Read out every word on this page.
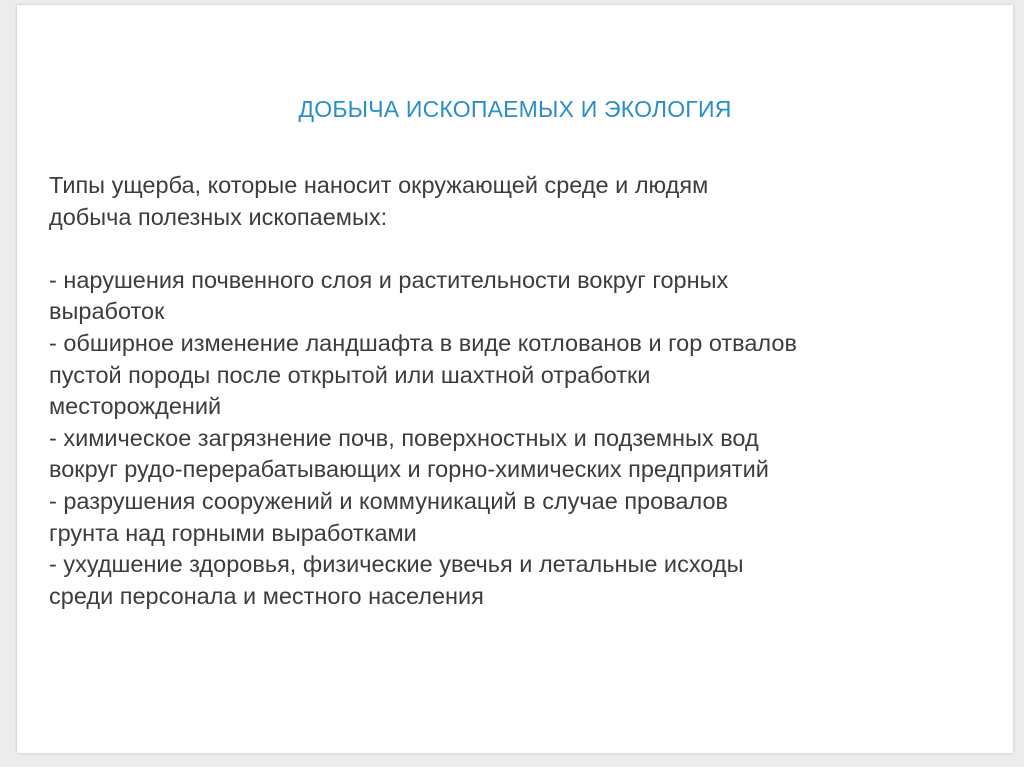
ДОБЫЧА ИСКОПАЕМЫХ И ЭКОЛОГИЯ
Типы ущерба, которые наносит окружающей среде и людям
добыча полезных ископаемых:
- нарушения почвенного слоя и растительности вокруг горных
выработок
- обширное изменение ландшафта в виде котлованов и гор отвалов
пустой породы после открытой или шахтной отработки
месторождений
- химическое загрязнение почв, поверхностных и подземных вод
вокруг рудо-перерабатывающих и горно-химических предприятий
- разрушения сооружений и коммуникаций в случае провалов
грунта над горными выработками
- ухудшение здоровья, физические увечья и летальные исходы
среди персонала и местного населения
